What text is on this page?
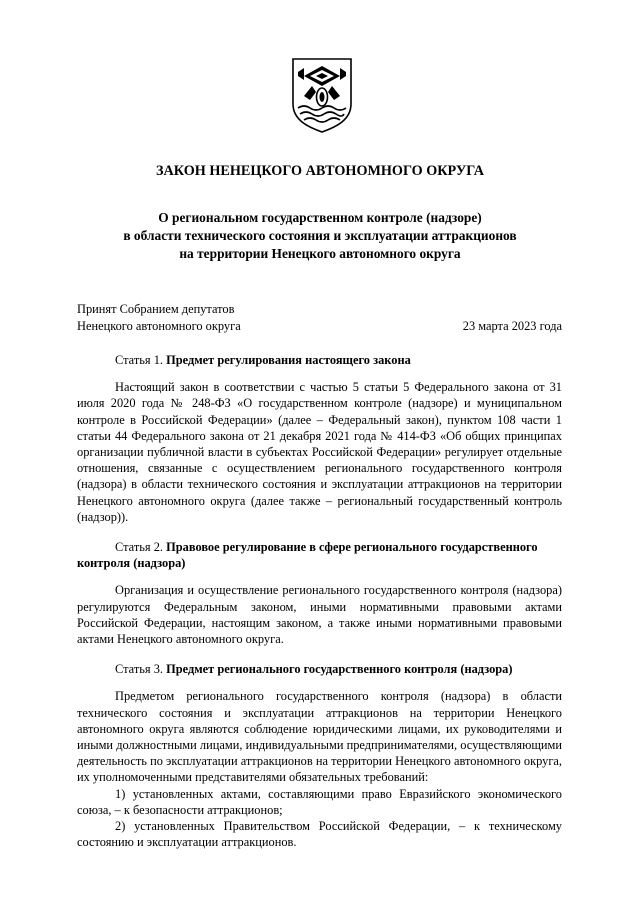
ЗАКОН НЕНЕЦКОГО АВТОНОМНОГО ОКРУГА
О региональном государственном контроле (надзоре)
в области технического состояния и эксплуатации аттракционов
на территории Ненецкого автономного округа
Принят Собранием депутатов
Ненецкого автономного округа	23 марта 2023 года

Статья 1. Предмет регулирования настоящего закона

Настоящий закон в соответствии с частью 5 статьи 5 Федерального закона от 31 июля 2020 года № 248-ФЗ «О государственном контроле (надзоре) и муниципальном контроле в Российской Федерации» (далее – Федеральный закон), пунктом 108 части 1 статьи 44 Федерального закона от 21 декабря 2021 года № 414-ФЗ «Об общих принципах организации публичной власти в субъектах Российской Федерации» регулирует отдельные отношения, связанные с осуществлением регионального государственного контроля (надзора) в области технического состояния и эксплуатации аттракционов на территории Ненецкого автономного округа (далее также – региональный государственный контроль (надзор)).

Статья 2. Правовое регулирование в сфере регионального государственного контроля (надзора)

Организация и осуществление регионального государственного контроля (надзора) регулируются Федеральным законом, иными нормативными правовыми актами Российской Федерации, настоящим законом, а также иными нормативными правовыми актами Ненецкого автономного округа.

Статья 3. Предмет регионального государственного контроля (надзора)

Предметом регионального государственного контроля (надзора) в области технического состояния и эксплуатации аттракционов на территории Ненецкого автономного округа являются соблюдение юридическими лицами, их руководителями и иными должностными лицами, индивидуальными предпринимателями, осуществляющими деятельность по эксплуатации аттракционов на территории Ненецкого автономного округа, их уполномоченными представителями обязательных требований:

1) установленных актами, составляющими право Евразийского экономического союза, – к безопасности аттракционов;

2) установленных Правительством Российской Федерации, – к техническому состоянию и эксплуатации аттракционов.
